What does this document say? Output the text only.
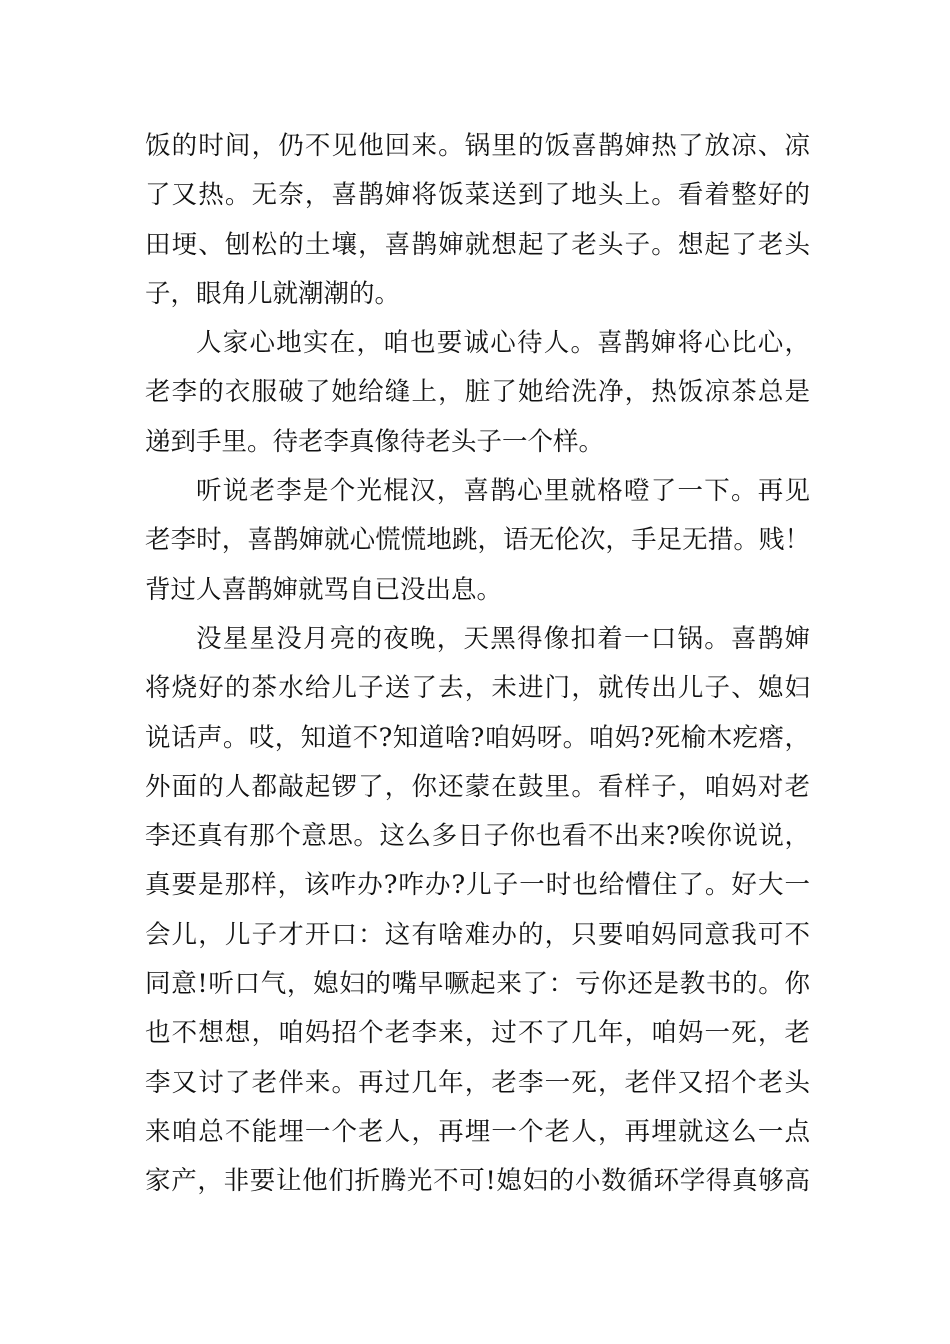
饭的时间，仍不见他回来。锅里的饭喜鹊婶热了放凉、凉
了又热。无奈，喜鹊婶将饭菜送到了地头上。看着整好的
田埂、刨松的土壤，喜鹊婶就想起了老头子。想起了老头
子，眼角儿就潮潮的。
人家心地实在，咱也要诚心待人。喜鹊婶将心比心，
老李的衣服破了她给缝上，脏了她给洗净，热饭凉茶总是
递到手里。待老李真像待老头子一个样。
听说老李是个光棍汉，喜鹊心里就格噔了一下。再见
老李时，喜鹊婶就心慌慌地跳，语无伦次，手足无措。贱！
背过人喜鹊婶就骂自已没出息。
没星星没月亮的夜晚，天黑得像扣着一口锅。喜鹊婶
将烧好的茶水给儿子送了去，未进门，就传出儿子、媳妇
说话声。哎，知道不?知道啥?咱妈呀。咱妈?死榆木疙瘩，
外面的人都敲起锣了，你还蒙在鼓里。看样子，咱妈对老
李还真有那个意思。这么多日子你也看不出来?唉你说说，
真要是那样，该咋办?咋办?儿子一时也给懵住了。好大一
会儿，儿子才开口：这有啥难办的，只要咱妈同意我可不
同意!听口气，媳妇的嘴早噘起来了：亏你还是教书的。你
也不想想，咱妈招个老李来，过不了几年，咱妈一死，老
李又讨了老伴来。再过几年，老李一死，老伴又招个老头
来咱总不能埋一个老人，再埋一个老人，再埋就这么一点
家产，非要让他们折腾光不可!媳妇的小数循环学得真够高
